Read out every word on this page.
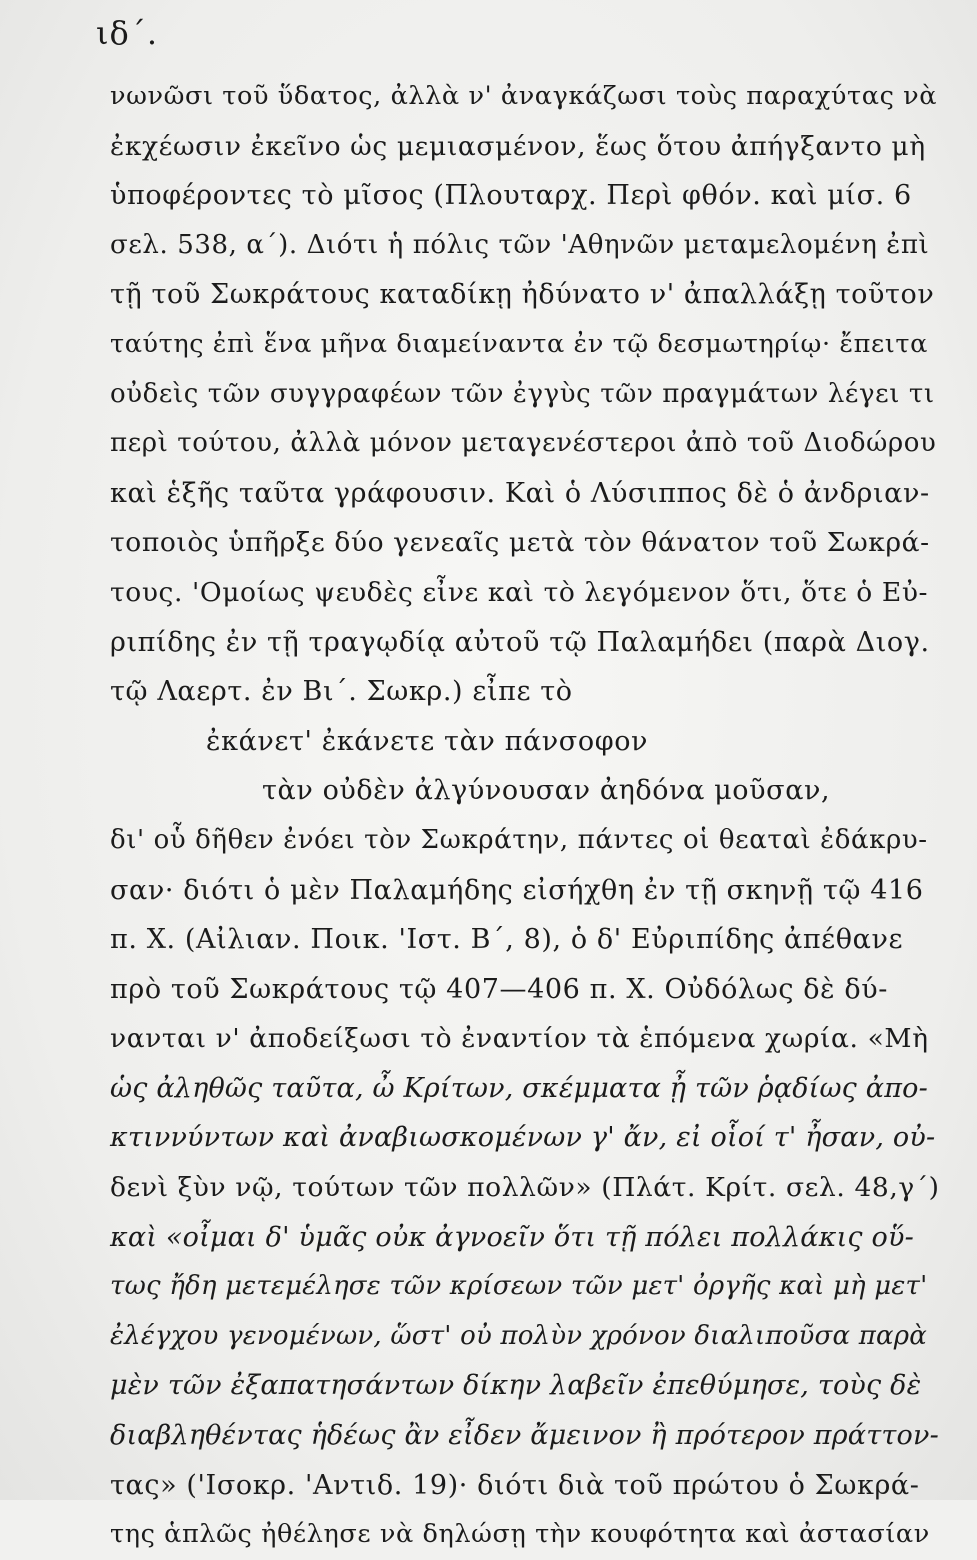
ιδ΄.
νωνῶσι τοῦ ὕδατος, ἀλλὰ ν' ἀναγκάζωσι τοὺς παραχύτας νὰ
ἐκχέωσιν ἐκεῖνο ὡς μεμιασμένον, ἕως ὅτου ἀπήγξαντο μὴ
ὑποφέροντες τὸ μῖσος (Πλουταρχ. Περὶ φθόν. καὶ μίσ. 6
σελ. 538, α΄). Διότι ἡ πόλις τῶν 'Αθηνῶν μεταμελομένη ἐπὶ
τῇ τοῦ Σωκράτους καταδίκῃ ἠδύνατο ν' ἀπαλλάξῃ τοῦτον
ταύτης ἐπὶ ἕνα μῆνα διαμείναντα ἐν τῷ δεσμωτηρίῳ· ἔπειτα
οὐδεὶς τῶν συγγραφέων τῶν ἐγγὺς τῶν πραγμάτων λέγει τι
περὶ τούτου, ἀλλὰ μόνον μεταγενέστεροι ἀπὸ τοῦ Διοδώρου
καὶ ἑξῆς ταῦτα γράφουσιν. Καὶ ὁ Λύσιππος δὲ ὁ ἀνδριαν-
τοποιὸς ὑπῆρξε δύο γενεαῖς μετὰ τὸν θάνατον τοῦ Σωκρά-
τους. 'Ομοίως ψευδὲς εἶνε καὶ τὸ λεγόμενον ὅτι, ὅτε ὁ Εὐ-
ριπίδης ἐν τῇ τραγῳδίᾳ αὐτοῦ τῷ Παλαμήδει (παρὰ Διογ.
τῷ Λαερτ. ἐν Βι΄. Σωκρ.) εἶπε τὸ
ἐκάνετ' ἐκάνετε τὰν πάνσοφον
τὰν οὐδὲν ἀλγύνουσαν ἀηδόνα μοῦσαν,
δι' οὗ δῆθεν ἐνόει τὸν Σωκράτην, πάντες οἱ θεαταὶ ἐδάκρυ-
σαν· διότι ὁ μὲν Παλαμήδης εἰσήχθη ἐν τῇ σκηνῇ τῷ 416
π. Χ. (Αἰλιαν. Ποικ. 'Ιστ. Β΄, 8), ὁ δ' Εὐριπίδης ἀπέθανε
πρὸ τοῦ Σωκράτους τῷ 407—406 π. Χ. Οὐδόλως δὲ δύ-
νανται ν' ἀποδείξωσι τὸ ἐναντίον τὰ ἑπόμενα χωρία. «Μὴ
ὡς ἀληθῶς ταῦτα, ὦ Κρίτων, σκέμματα ᾖ τῶν ῥᾳδίως ἀπο-
κτιννύντων καὶ ἀναβιωσκομένων γ' ἄν, εἰ οἷοί τ' ἦσαν, οὐ-
δενὶ ξὺν νῷ, τούτων τῶν πολλῶν» (Πλάτ. Κρίτ. σελ. 48,γ΄)
καὶ «οἶμαι δ' ὑμᾶς οὐκ ἀγνοεῖν ὅτι τῇ πόλει πολλάκις οὕ-
τως ἤδη μετεμέλησε τῶν κρίσεων τῶν μετ' ὀργῆς καὶ μὴ μετ'
ἐλέγχου γενομένων, ὥστ' οὐ πολὺν χρόνον διαλιποῦσα παρὰ
μὲν τῶν ἐξαπατησάντων δίκην λαβεῖν ἐπεθύμησε, τοὺς δὲ
διαβληθέντας ἡδέως ἂν εἶδεν ἄμεινον ἢ πρότερον πράττον-
τας» ('Ισοκρ. 'Αντιδ. 19)· διότι διὰ τοῦ πρώτου ὁ Σωκρά-
της ἁπλῶς ἠθέλησε νὰ δηλώσῃ τὴν κουφότητα καὶ ἀστασίαν
